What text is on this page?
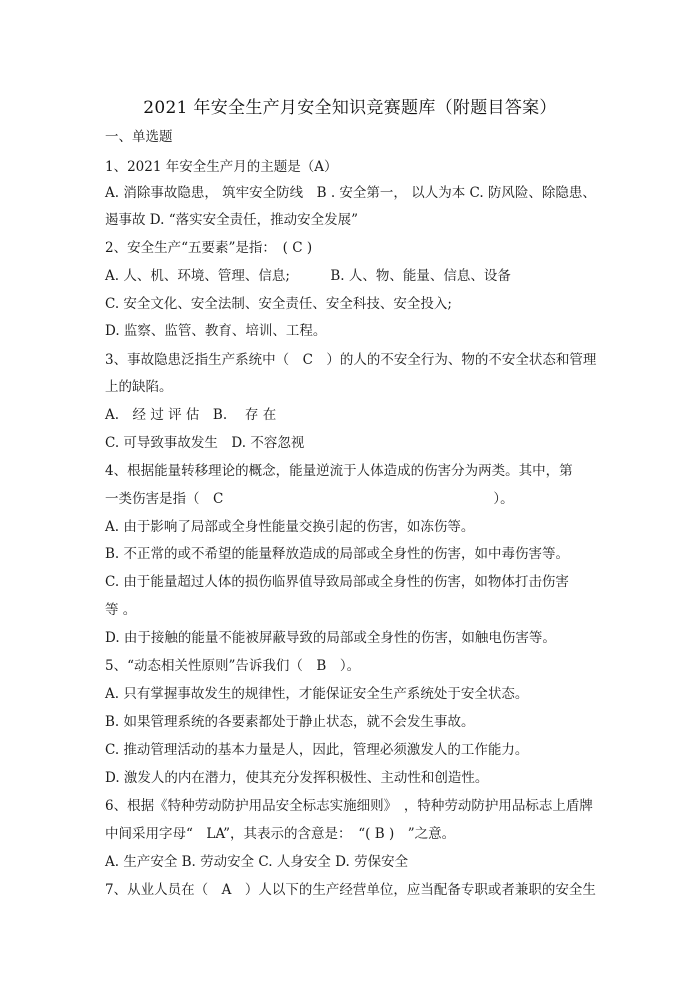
2021 年安全生产月安全知识竞赛题库（附题目答案）
一、单选题
1、2021 年安全生产月的主题是（A）
A. 消除事故隐患， 筑牢安全防线　B . 安全第一， 以人为本 C. 防风险、除隐患、
遏事故 D. “落实安全责任，推动安全发展”
2、安全生产“五要素”是指：　( C )
A. 人、机、环境、管理、信息;　　　B. 人、物、能量、信息、设备
C. 安全文化、安全法制、安全责任、安全科技、安全投入;
D. 监察、监管、教育、培训、工程。
3、事故隐患泛指生产系统中（　C　）的人的不安全行为、物的不安全状态和管理
上的缺陷。
A.　经 过 评 估　B.　 存 在
C. 可导致事故发生　D. 不容忽视
4、根据能量转移理论的概念，能量逆流于人体造成的伤害分为两类。其中，第
一类伤害是指（　C　　　　　　　　　　　　　　　　　　　　）。
A. 由于影响了局部或全身性能量交换引起的伤害，如冻伤等。
B. 不正常的或不希望的能量释放造成的局部或全身性的伤害，如中毒伤害等。
C. 由于能量超过人体的损伤临界值导致局部或全身性的伤害，如物体打击伤害
等 。
D. 由于接触的能量不能被屏蔽导致的局部或全身性的伤害，如触电伤害等。
5、“动态相关性原则”告诉我们（　B　）。
A. 只有掌握事故发生的规律性，才能保证安全生产系统处于安全状态。
B. 如果管理系统的各要素都处于静止状态，就不会发生事故。
C. 推动管理活动的基本力量是人，因此，管理必须激发人的工作能力。
D. 激发人的内在潜力，使其充分发挥积极性、主动性和创造性。
6、根据《特种劳动防护用品安全标志实施细则》　，特种劳动防护用品标志上盾牌
中间采用字母“　LA”，其表示的含意是：　“( B )　”之意。
A. 生产安全 B. 劳动安全 C. 人身安全 D. 劳保安全
7、从业人员在（　A　）人以下的生产经营单位，应当配备专职或者兼职的安全生
